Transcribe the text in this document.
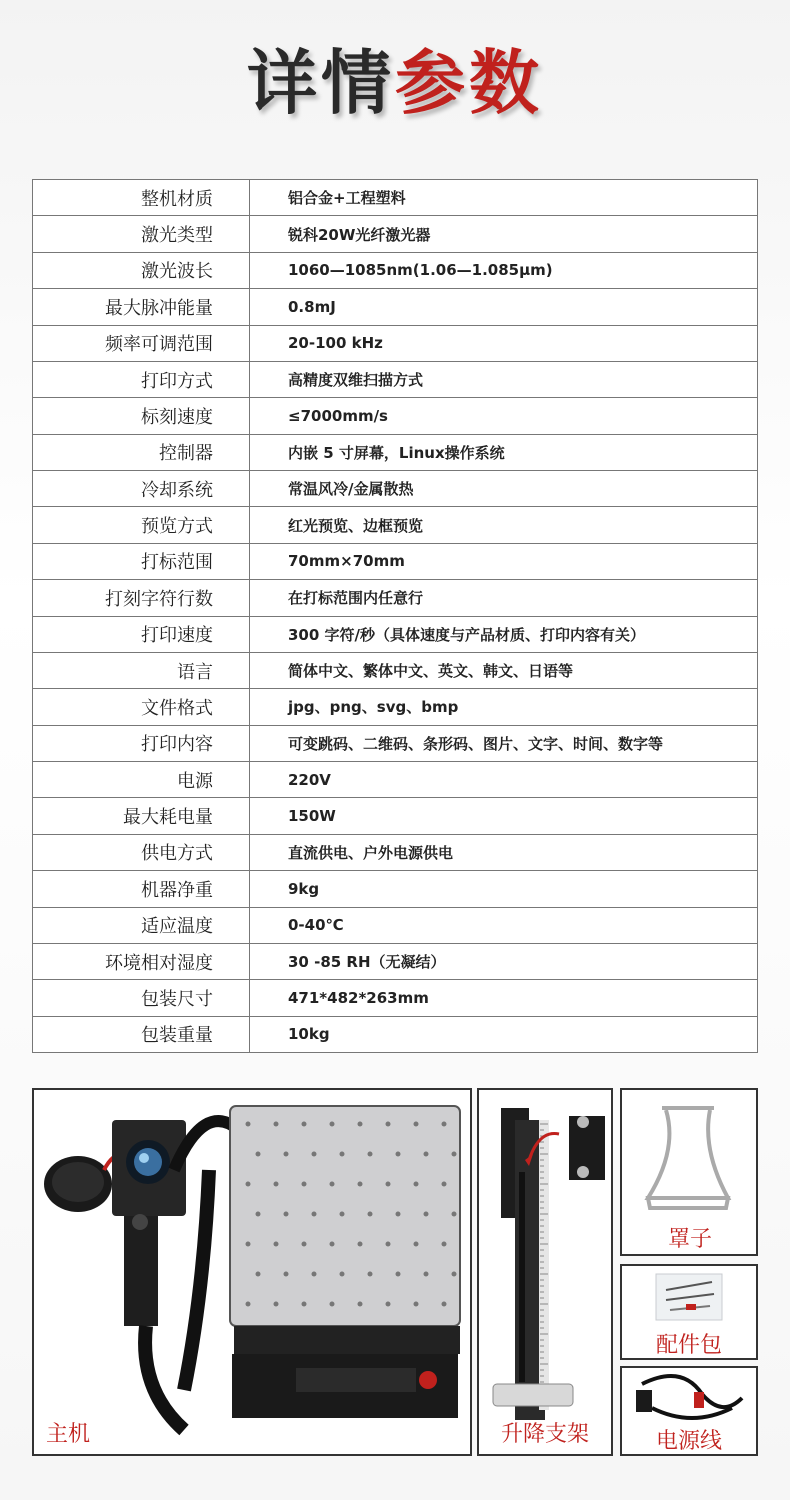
详情参数
整机材质	铝合金+工程塑料
激光类型	锐科20W光纤激光器
激光波长	1060—1085nm(1.06—1.085μm)
最大脉冲能量	0.8mJ
频率可调范围	20-100 kHz
打印方式	高精度双维扫描方式
标刻速度	≤7000mm/s
控制器	内嵌 5 寸屏幕，Linux操作系统
冷却系统	常温风冷/金属散热
预览方式	红光预览、边框预览
打标范围	70mm×70mm
打刻字符行数	在打标范围内任意行
打印速度	300 字符/秒（具体速度与产品材质、打印内容有关）
语言	简体中文、繁体中文、英文、韩文、日语等
文件格式	jpg、png、svg、bmp
打印内容	可变跳码、二维码、条形码、图片、文字、时间、数字等
电源	220V
最大耗电量	150W
供电方式	直流供电、户外电源供电
机器净重	9kg
适应温度	0-40℃
环境相对湿度	30 -85 RH（无凝结）
包装尺寸	471*482*263mm
包装重量	10kg
主机	升降支架
罩子
配件包
电源线
